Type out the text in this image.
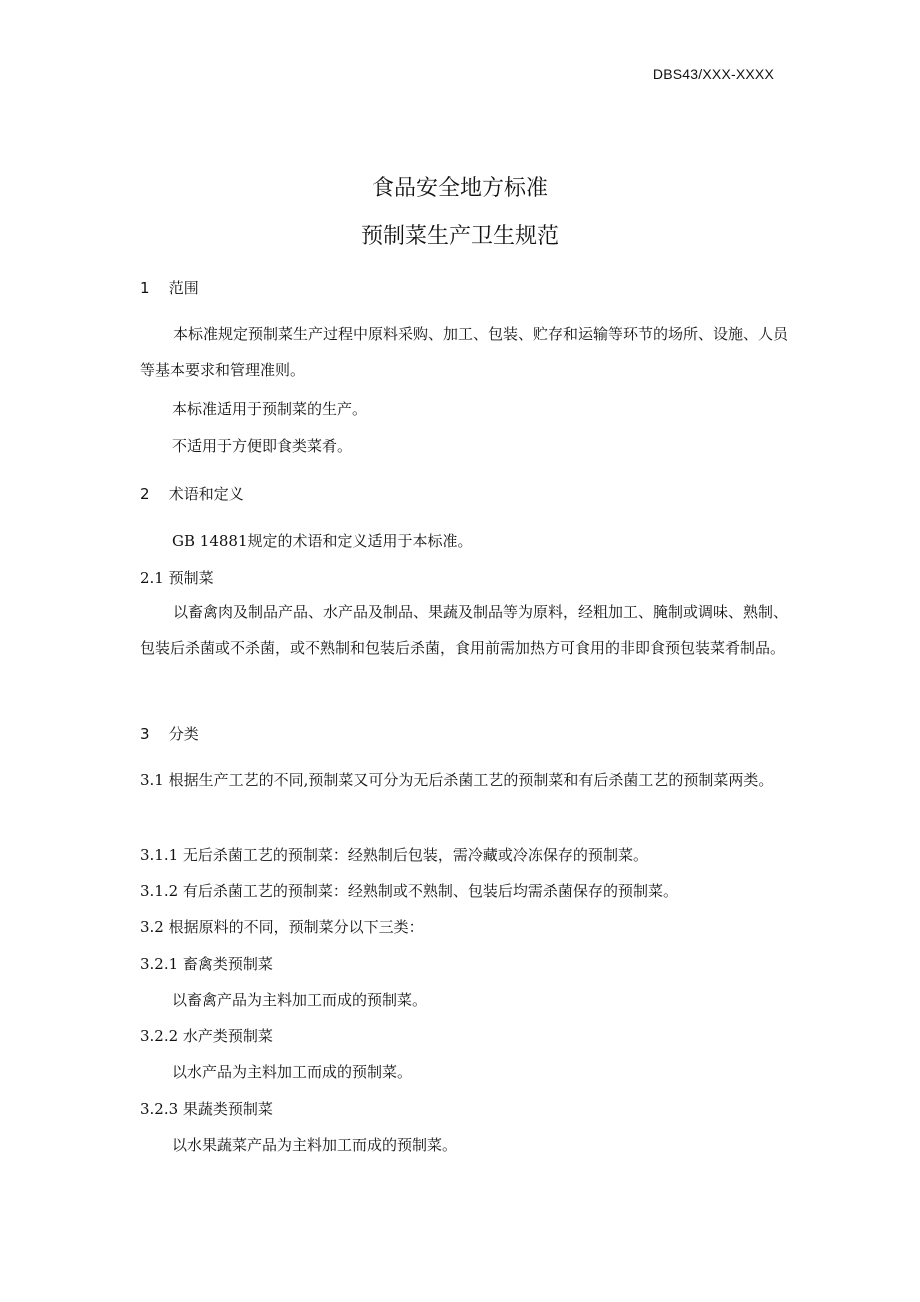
DBS43/XXX-XXXX
食品安全地方标准
预制菜生产卫生规范
1 范围
本标准规定预制菜生产过程中原料采购、加工、包装、贮存和运输等环节的场所、设施、人员等基本要求和管理准则。
本标准适用于预制菜的生产。
不适用于方便即食类菜肴。
2 术语和定义
GB 14881规定的术语和定义适用于本标准。
2.1 预制菜
以畜禽肉及制品产品、水产品及制品、果蔬及制品等为原料，经粗加工、腌制或调味、熟制、包装后杀菌或不杀菌，或不熟制和包装后杀菌，食用前需加热方可食用的非即食预包装菜肴制品。
3 分类
3.1 根据生产工艺的不同,预制菜又可分为无后杀菌工艺的预制菜和有后杀菌工艺的预制菜两类。
3.1.1 无后杀菌工艺的预制菜：经熟制后包装，需冷藏或冷冻保存的预制菜。
3.1.2 有后杀菌工艺的预制菜：经熟制或不熟制、包装后均需杀菌保存的预制菜。
3.2 根据原料的不同，预制菜分以下三类：
3.2.1 畜禽类预制菜
以畜禽产品为主料加工而成的预制菜。
3.2.2 水产类预制菜
以水产品为主料加工而成的预制菜。
3.2.3 果蔬类预制菜
以水果蔬菜产品为主料加工而成的预制菜。
